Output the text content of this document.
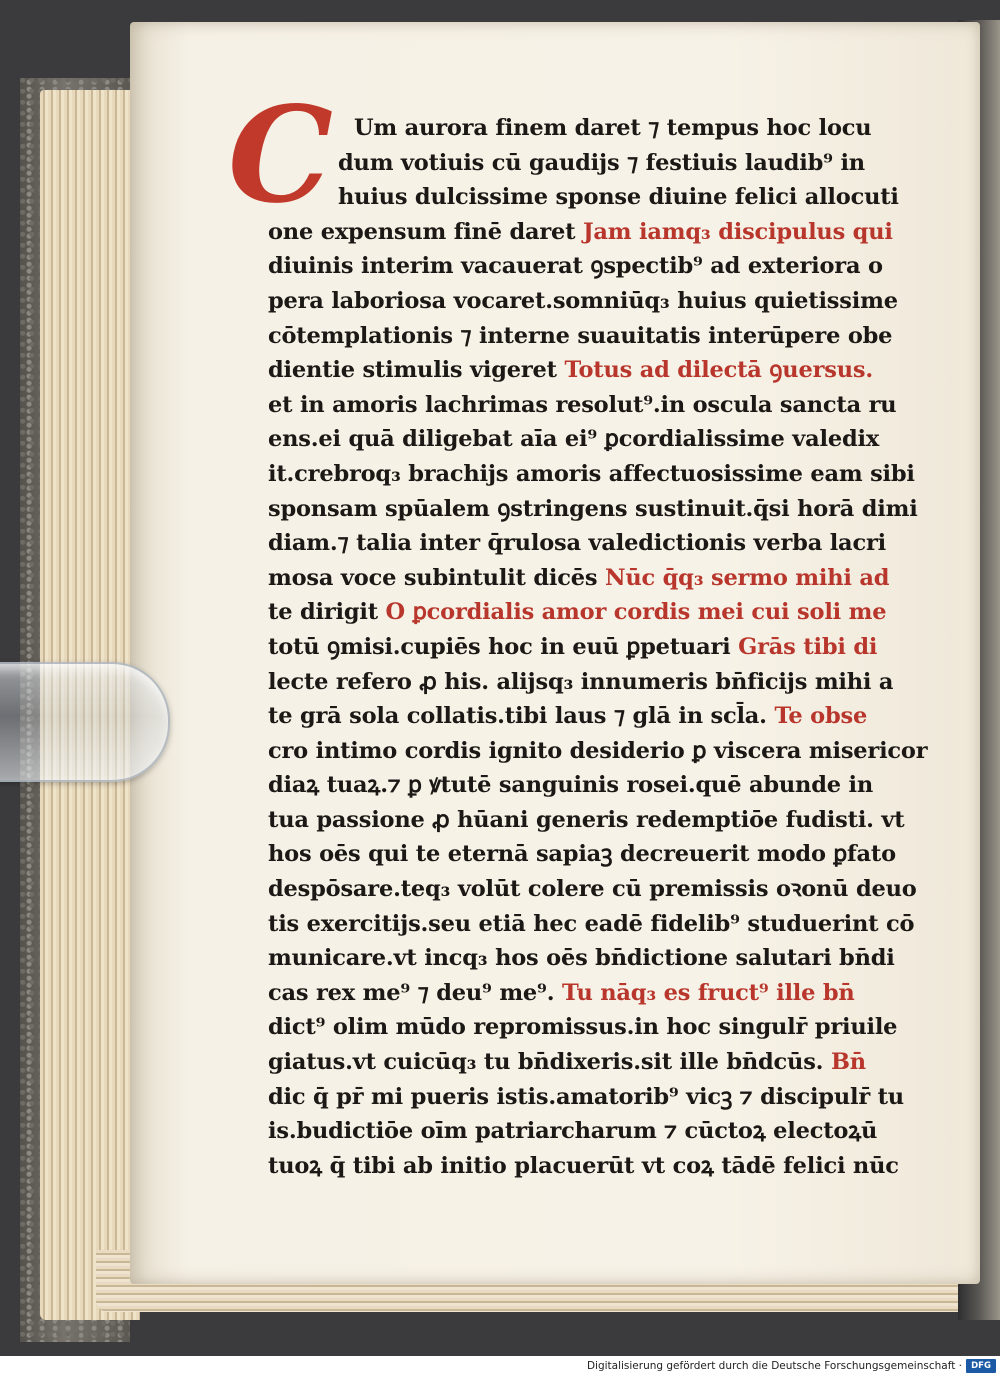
C Um aurora finem daret ⁊ tempus hoc locu
dum votiuis cū gaudijs ⁊ festiuis laudib⁹ in
huius dulcissime sponse diuine felici allocuti
one expensum finē daret Jam iamq₃ discipulus qui
diuinis interim vacauerat ꝯspectib⁹ ad exteriora o
pera laboriosa vocaret.somniūq₃ huius quietissime
cōtemplationis ⁊ interne suauitatis interūpere obe
dientie stimulis vigeret Totus ad dilectā ꝯuersus.
et in amoris lachrimas resolut⁹.in oscula sancta ru
ens.ei quā diligebat aīa ei⁹ ꝑcordialissime valedix
it.crebroq₃ brachijs amoris affectuosissime eam sibi
sponsam spūalem ꝯstringens sustinuit.q̄si horā dimi
diam.⁊ talia inter q̄rulosa valedictionis verba lacri
mosa voce subintulit dicēs Nūc q̄q₃ sermo mihi ad
te dirigit O ꝑcordialis amor cordis mei cui soli me
totū ꝯmisi.cupiēs hoc in euū ꝑpetuari Grās tibi di
lecte refero ꝓ his. alijsq₃ innumeris bn̄ficijs mihi a
te grā sola collatis.tibi laus ⁊ glā in scl̄a. Te obse
cro intimo cordis ignito desiderio ꝑ viscera misericor
diaꝝ tuaꝝ.⁊ ꝑ ꝟtutē sanguinis rosei.quē abunde in
tua passione ꝓ hūani generis redemptiōe fudisti. vt
hos oēs qui te eternā sapiaꝫ decreuerit modo ꝑfato
despōsare.teq₃ volūt colere cū premissis oꝛonū deuo
tis exercitijs.seu etiā hec eadē fidelib⁹ studuerint cō
municare.vt incq₃ hos oēs bn̄dictione salutari bn̄di
cas rex me⁹ ⁊ deu⁹ me⁹. Tu nāq₃ es fruct⁹ ille bn̄
dict⁹ olim mūdo repromissus.in hoc singulr̄ priuile
giatus.vt cuicūq₃ tu bn̄dixeris.sit ille bn̄dcūs. Bn̄
dic q̄ pr̄ mi pueris istis.amatorib⁹ vicꝫ ⁊ discipulr̄ tu
is.budictiōe oīm patriarcharum ⁊ cūctoꝝ electoꝝū
tuoꝝ q̄ tibi ab initio placuerūt vt coꝝ tādē felici nūc
Digitalisierung gefördert durch die Deutsche Forschungsgemeinschaft ·	DFG
